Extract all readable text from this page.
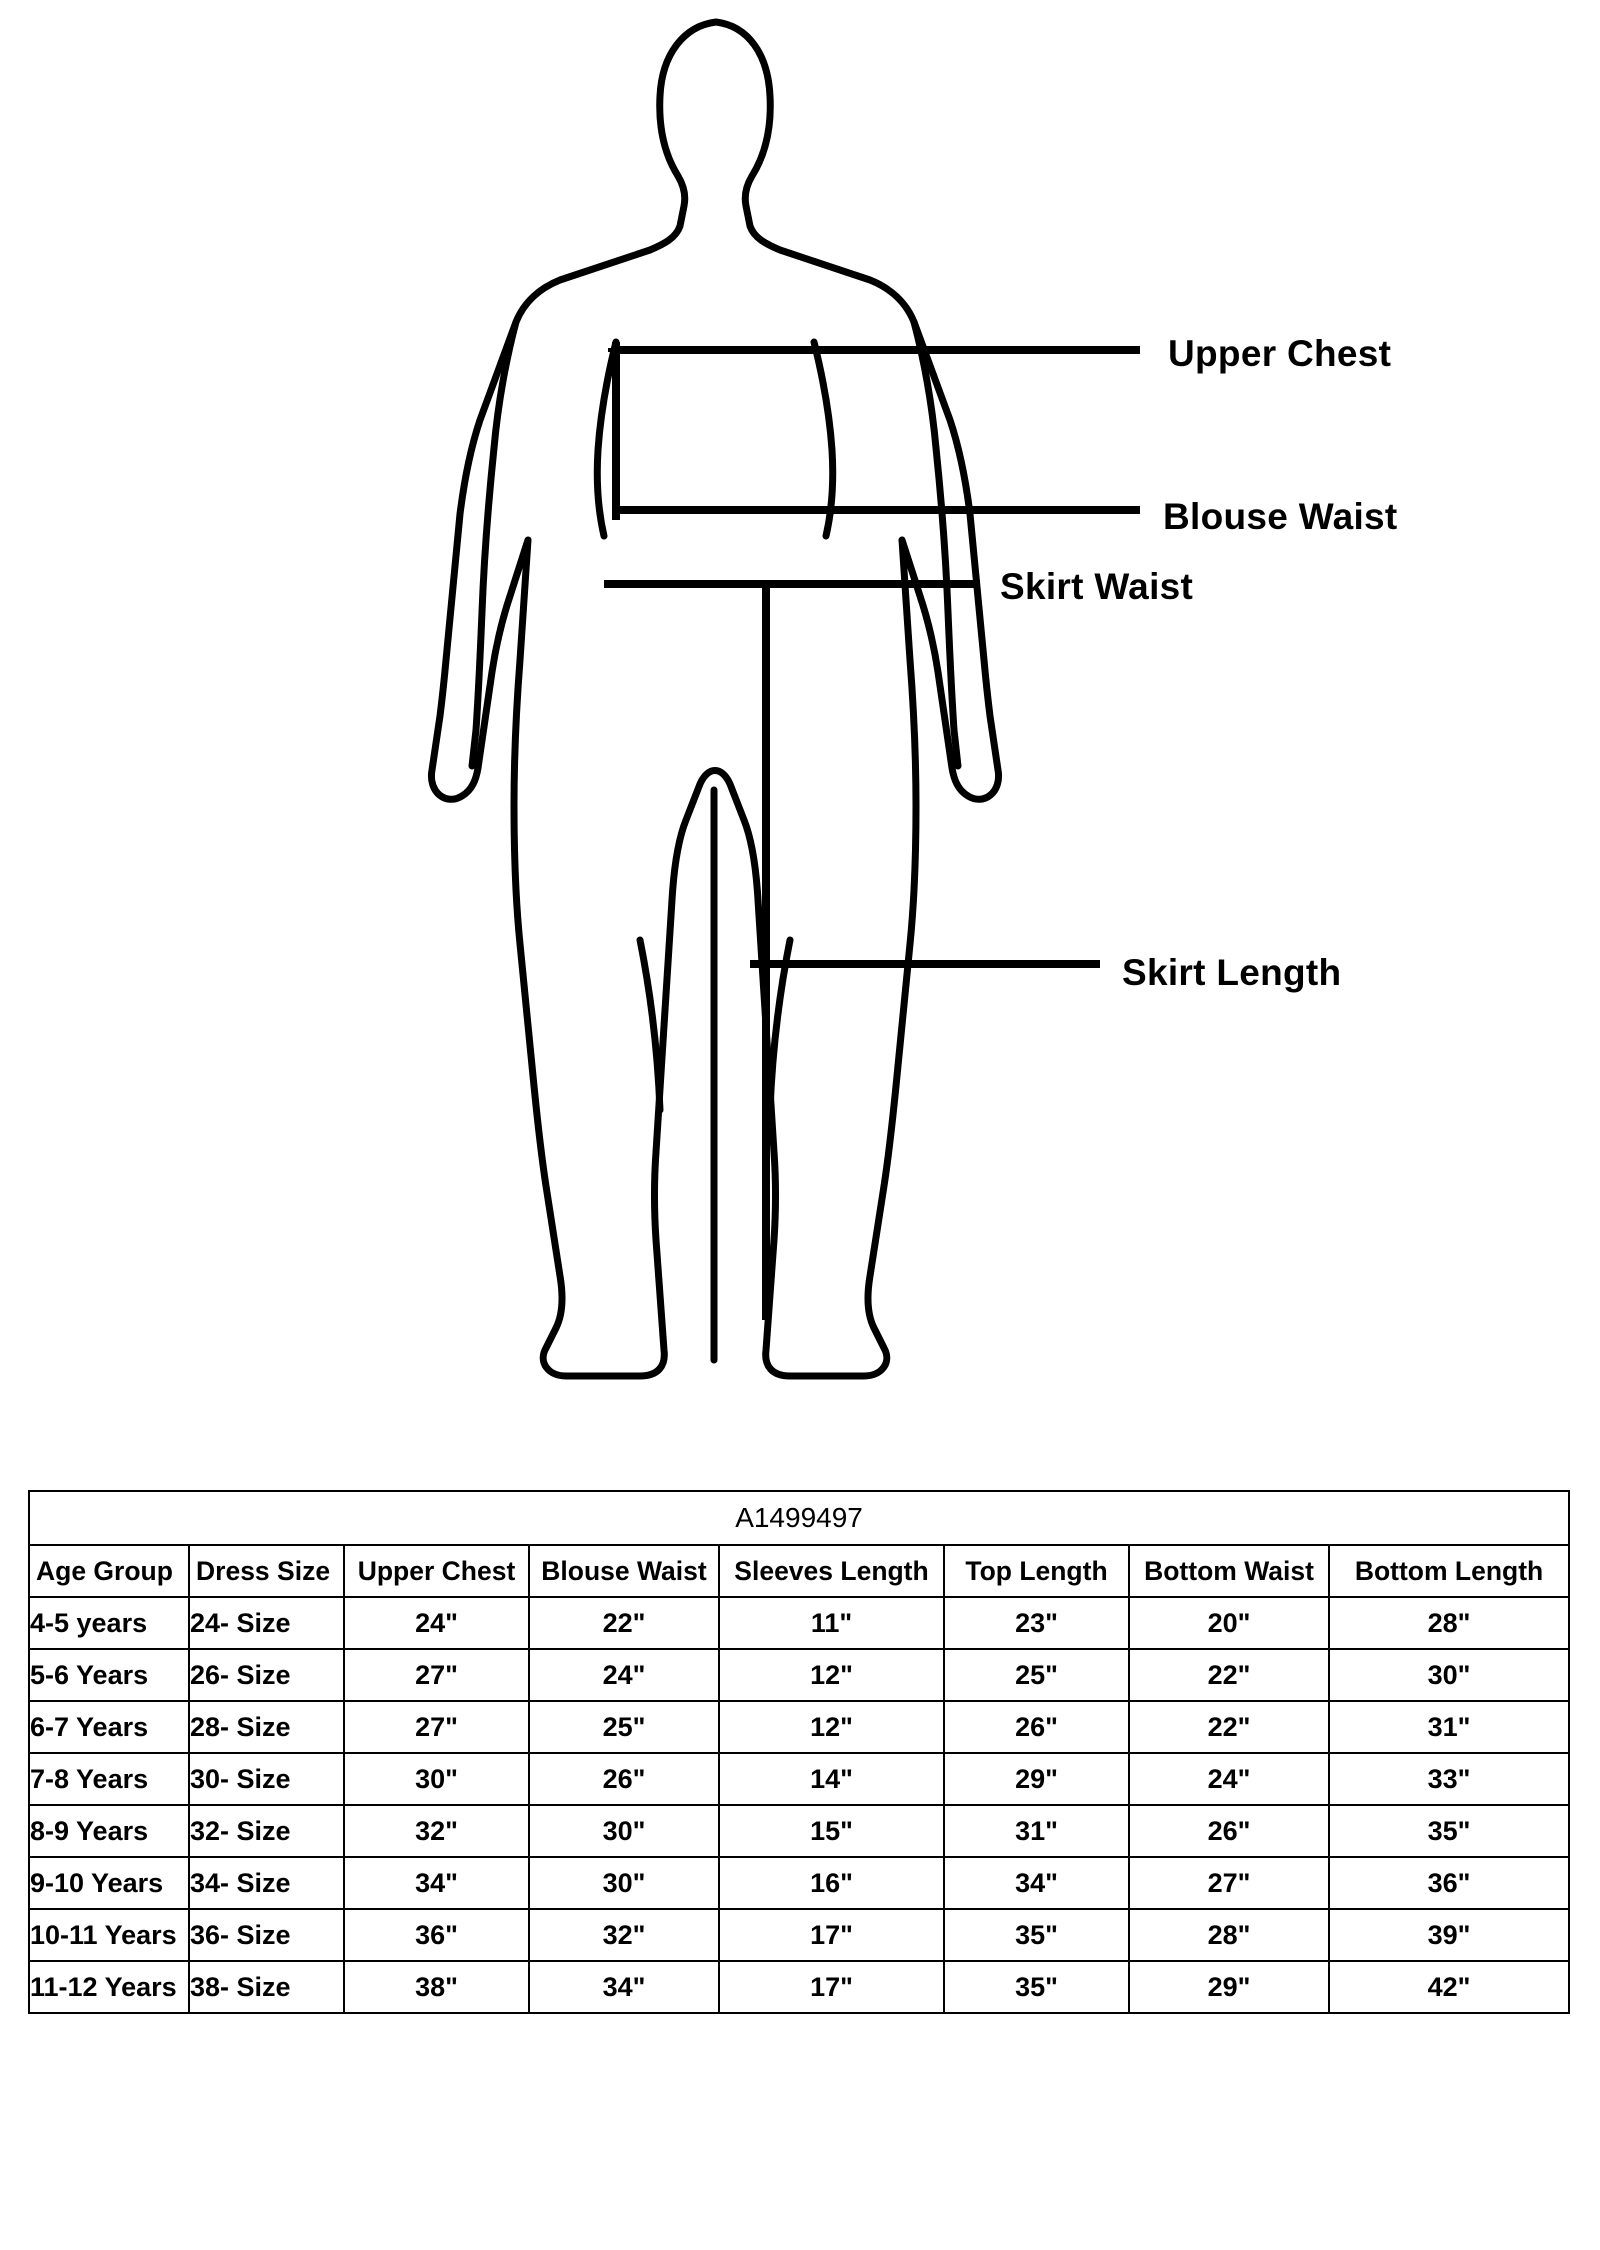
Upper Chest
Blouse Waist
Skirt Waist
Skirt Length
A1499497							
Age Group	Dress Size	Upper Chest	Blouse Waist	Sleeves Length	Top Length	Bottom Waist	Bottom Length
4-5 years	24- Size	24"	22"	11"	23"	20"	28"
5-6 Years	26- Size	27"	24"	12"	25"	22"	30"
6-7 Years	28- Size	27"	25"	12"	26"	22"	31"
7-8 Years	30- Size	30"	26"	14"	29"	24"	33"
8-9 Years	32- Size	32"	30"	15"	31"	26"	35"
9-10 Years	34- Size	34"	30"	16"	34"	27"	36"
10-11 Years	36- Size	36"	32"	17"	35"	28"	39"
11-12 Years	38- Size	38"	34"	17"	35"	29"	42"
